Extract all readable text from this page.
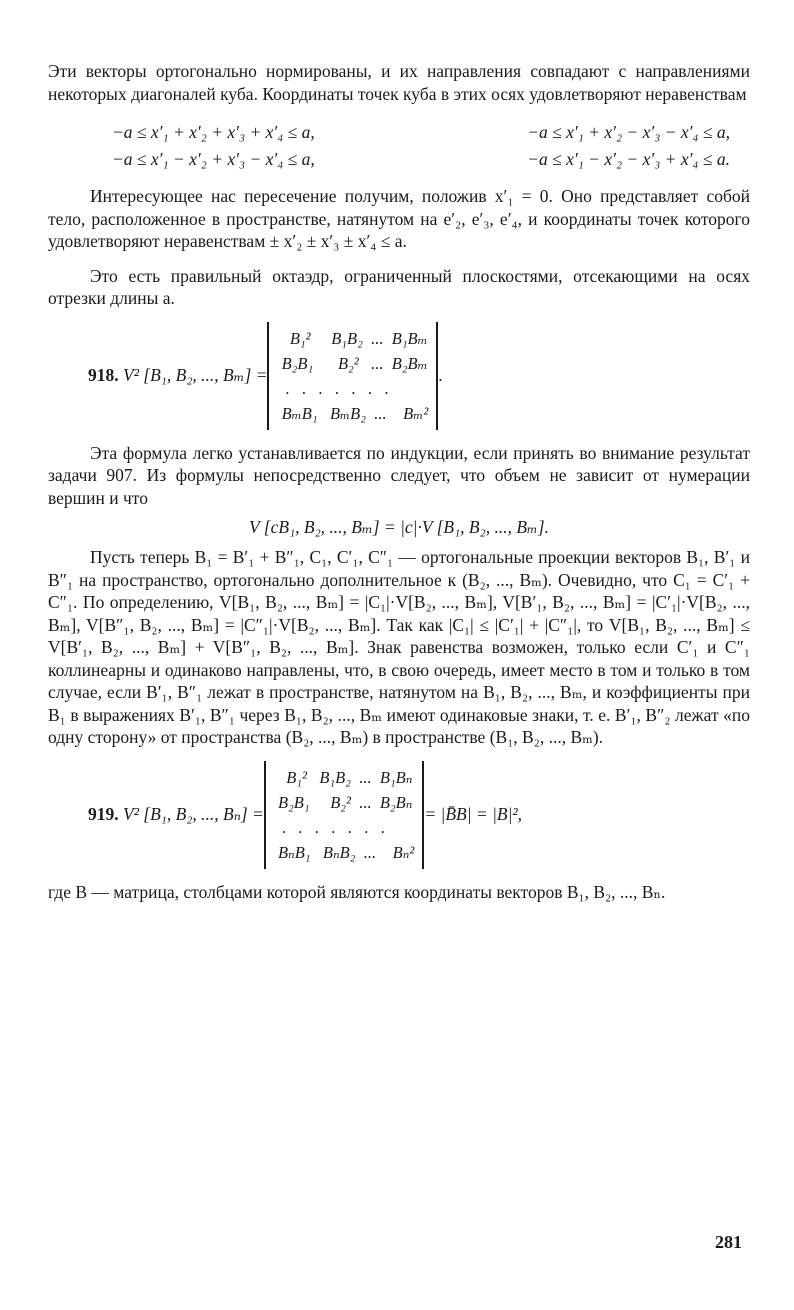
Эти векторы ортогонально нормированы, и их направления совпадают с направлениями некоторых диагоналей куба. Координаты точек куба в этих осях удовлетворяют неравенствам

−a ≤ x′₁ + x′₂ + x′₃ + x′₄ ≤ a,	−a ≤ x′₁ + x′₂ − x′₃ − x′₄ ≤ a,
−a ≤ x′₁ − x′₂ + x′₃ − x′₄ ≤ a,	−a ≤ x′₁ − x′₂ − x′₃ + x′₄ ≤ a.

Интересующее нас пересечение получим, положив x′₁ = 0. Оно представляет собой тело, расположенное в пространстве, натянутом на e′₂, e′₃, e′₄, и координаты точек которого удовлетворяют неравенствам ± x′₂ ± x′₃ ± x′₄ ≤ a.

Это есть правильный октаэдр, ограниченный плоскостями, отсекающими на осях отрезки длины a.

918. V² [B₁, B₂, ..., Bₘ] =
B₁²     B₁B₂  ...  B₁Bₘ
B₂B₁      B₂²   ...  B₂Bₘ
.   .   .   .   .   .   .
BₘB₁   BₘB₂  ...    Bₘ²
.

Эта формула легко устанавливается по индукции, если принять во внимание результат задачи 907. Из формулы непосредственно следует, что объем не зависит от нумерации вершин и что

V [cB₁, B₂, ..., Bₘ] = |c|·V [B₁, B₂, ..., Bₘ].

Пусть теперь B₁ = B′₁ + B″₁, C₁, C′₁, C″₁ — ортогональные проекции векторов B₁, B′₁ и B″₁ на пространство, ортогонально дополнительное к (B₂, ..., Bₘ). Очевидно, что C₁ = C′₁ + C″₁. По определению, V[B₁, B₂, ..., Bₘ] = |C₁|·V[B₂, ..., Bₘ], V[B′₁, B₂, ..., Bₘ] = |C′₁|·V[B₂, ..., Bₘ], V[B″₁, B₂, ..., Bₘ] = |C″₁|·V[B₂, ..., Bₘ]. Так как |C₁| ≤ |C′₁| + |C″₁|, то V[B₁, B₂, ..., Bₘ] ≤ V[B′₁, B₂, ..., Bₘ] + V[B″₁, B₂, ..., Bₘ]. Знак равенства возможен, только если C′₁ и C″₁ коллинеарны и одинаково направлены, что, в свою очередь, имеет место в том и только в том случае, если B′₁, B″₁ лежат в пространстве, натянутом на B₁, B₂, ..., Bₘ, и коэффициенты при B₁ в выражениях B′₁, B″₁ через B₁, B₂, ..., Bₘ имеют одинаковые знаки, т. е. B′₁, B″₂ лежат «по одну сторону» от пространства (B₂, ..., Bₘ) в пространстве (B₁, B₂, ..., Bₘ).

919. V² [B₁, B₂, ..., Bₙ] =
B₁²   B₁B₂  ...  B₁Bₙ
B₂B₁     B₂²  ...  B₂Bₙ
.   .   .   .   .   .   .
BₙB₁   BₙB₂  ...    Bₙ²
= |B̄B| = |B|²,

где B — матрица, столбцами которой являются координаты векторов B₁, B₂, ..., Bₙ.

281
